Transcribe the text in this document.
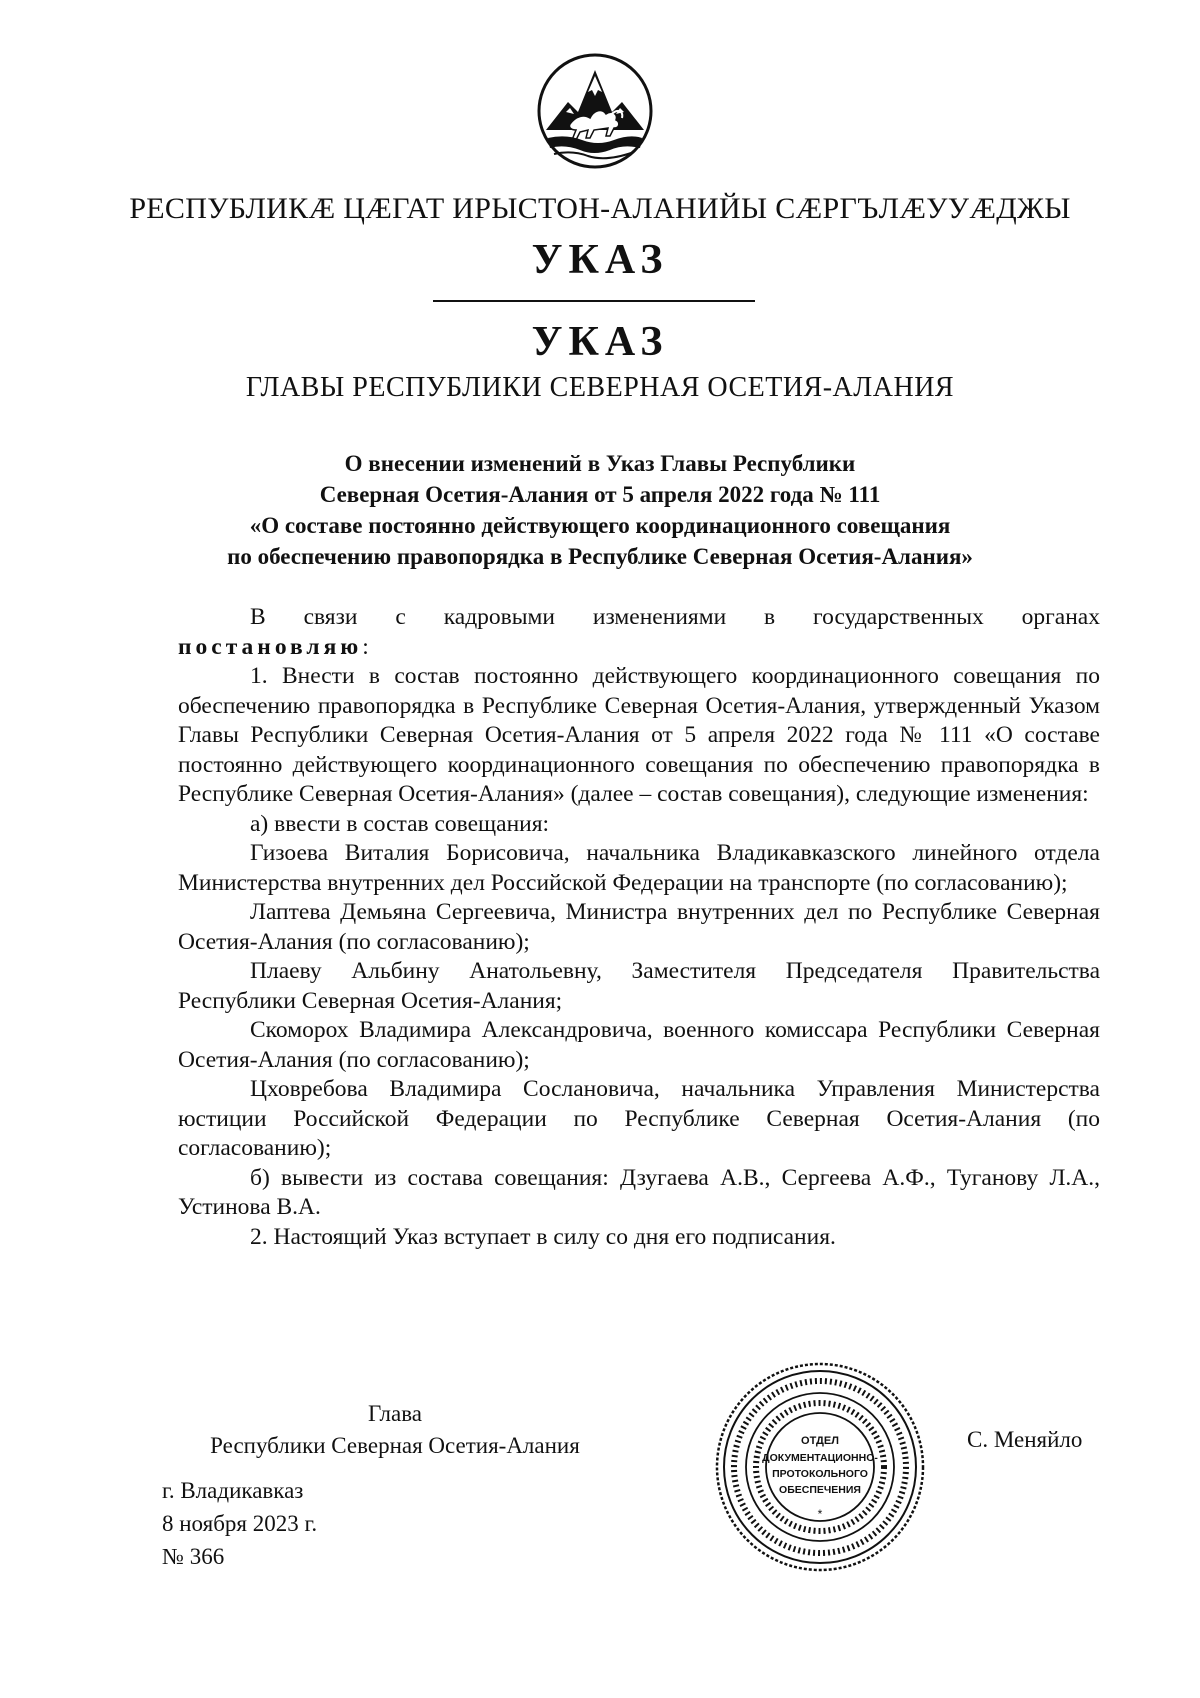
РЕСПУБЛИКÆ ЦÆГАТ ИРЫСТОН-АЛАНИЙЫ СÆРГЪЛÆУУÆДЖЫ
УКАЗ
УКАЗ
ГЛАВЫ РЕСПУБЛИКИ СЕВЕРНАЯ ОСЕТИЯ-АЛАНИЯ
О внесении изменений в Указ Главы Республики
Северная Осетия-Алания от 5 апреля 2022 года № 111
«О составе постоянно действующего координационного совещания
по обеспечению правопорядка в Республике Северная Осетия-Алания»

В связи с кадровыми изменениями в государственных органах

постановляю:

1. Внести в состав постоянно действующего координационного совещания по обеспечению правопорядка в Республике Северная Осетия-Алания, утвержденный Указом Главы Республики Северная Осетия-Алания от 5 апреля 2022 года № 111 «О составе постоянно действующего координационного совещания по обеспечению правопорядка в Республике Северная Осетия-Алания» (далее – состав совещания), следующие изменения:

а) ввести в состав совещания:

Гизоева Виталия Борисовича, начальника Владикавказского линейного отдела Министерства внутренних дел Российской Федерации на транспорте (по согласованию);

Лаптева Демьяна Сергеевича, Министра внутренних дел по Республике Северная Осетия-Алания (по согласованию);

Плаеву Альбину Анатольевну, Заместителя Председателя Правительства Республики Северная Осетия-Алания;

Скоморох Владимира Александровича, военного комиссара Республики Северная Осетия-Алания (по согласованию);

Цховребова Владимира Сослановича, начальника Управления Министерства юстиции Российской Федерации по Республике Северная Осетия-Алания (по согласованию);

б) вывести из состава совещания: Дзугаева А.В., Сергеева А.Ф., Туганову Л.А., Устинова В.А.

2. Настоящий Указ вступает в силу со дня его подписания.

Глава
Республики Северная Осетия-Алания
г. Владикавказ
8 ноября 2023 г.
№ 366
С. Меняйло
ОТДЕЛ
ДОКУМЕНТАЦИОННО-
ПРОТОКОЛЬНОГО
ОБЕСПЕЧЕНИЯ
*
